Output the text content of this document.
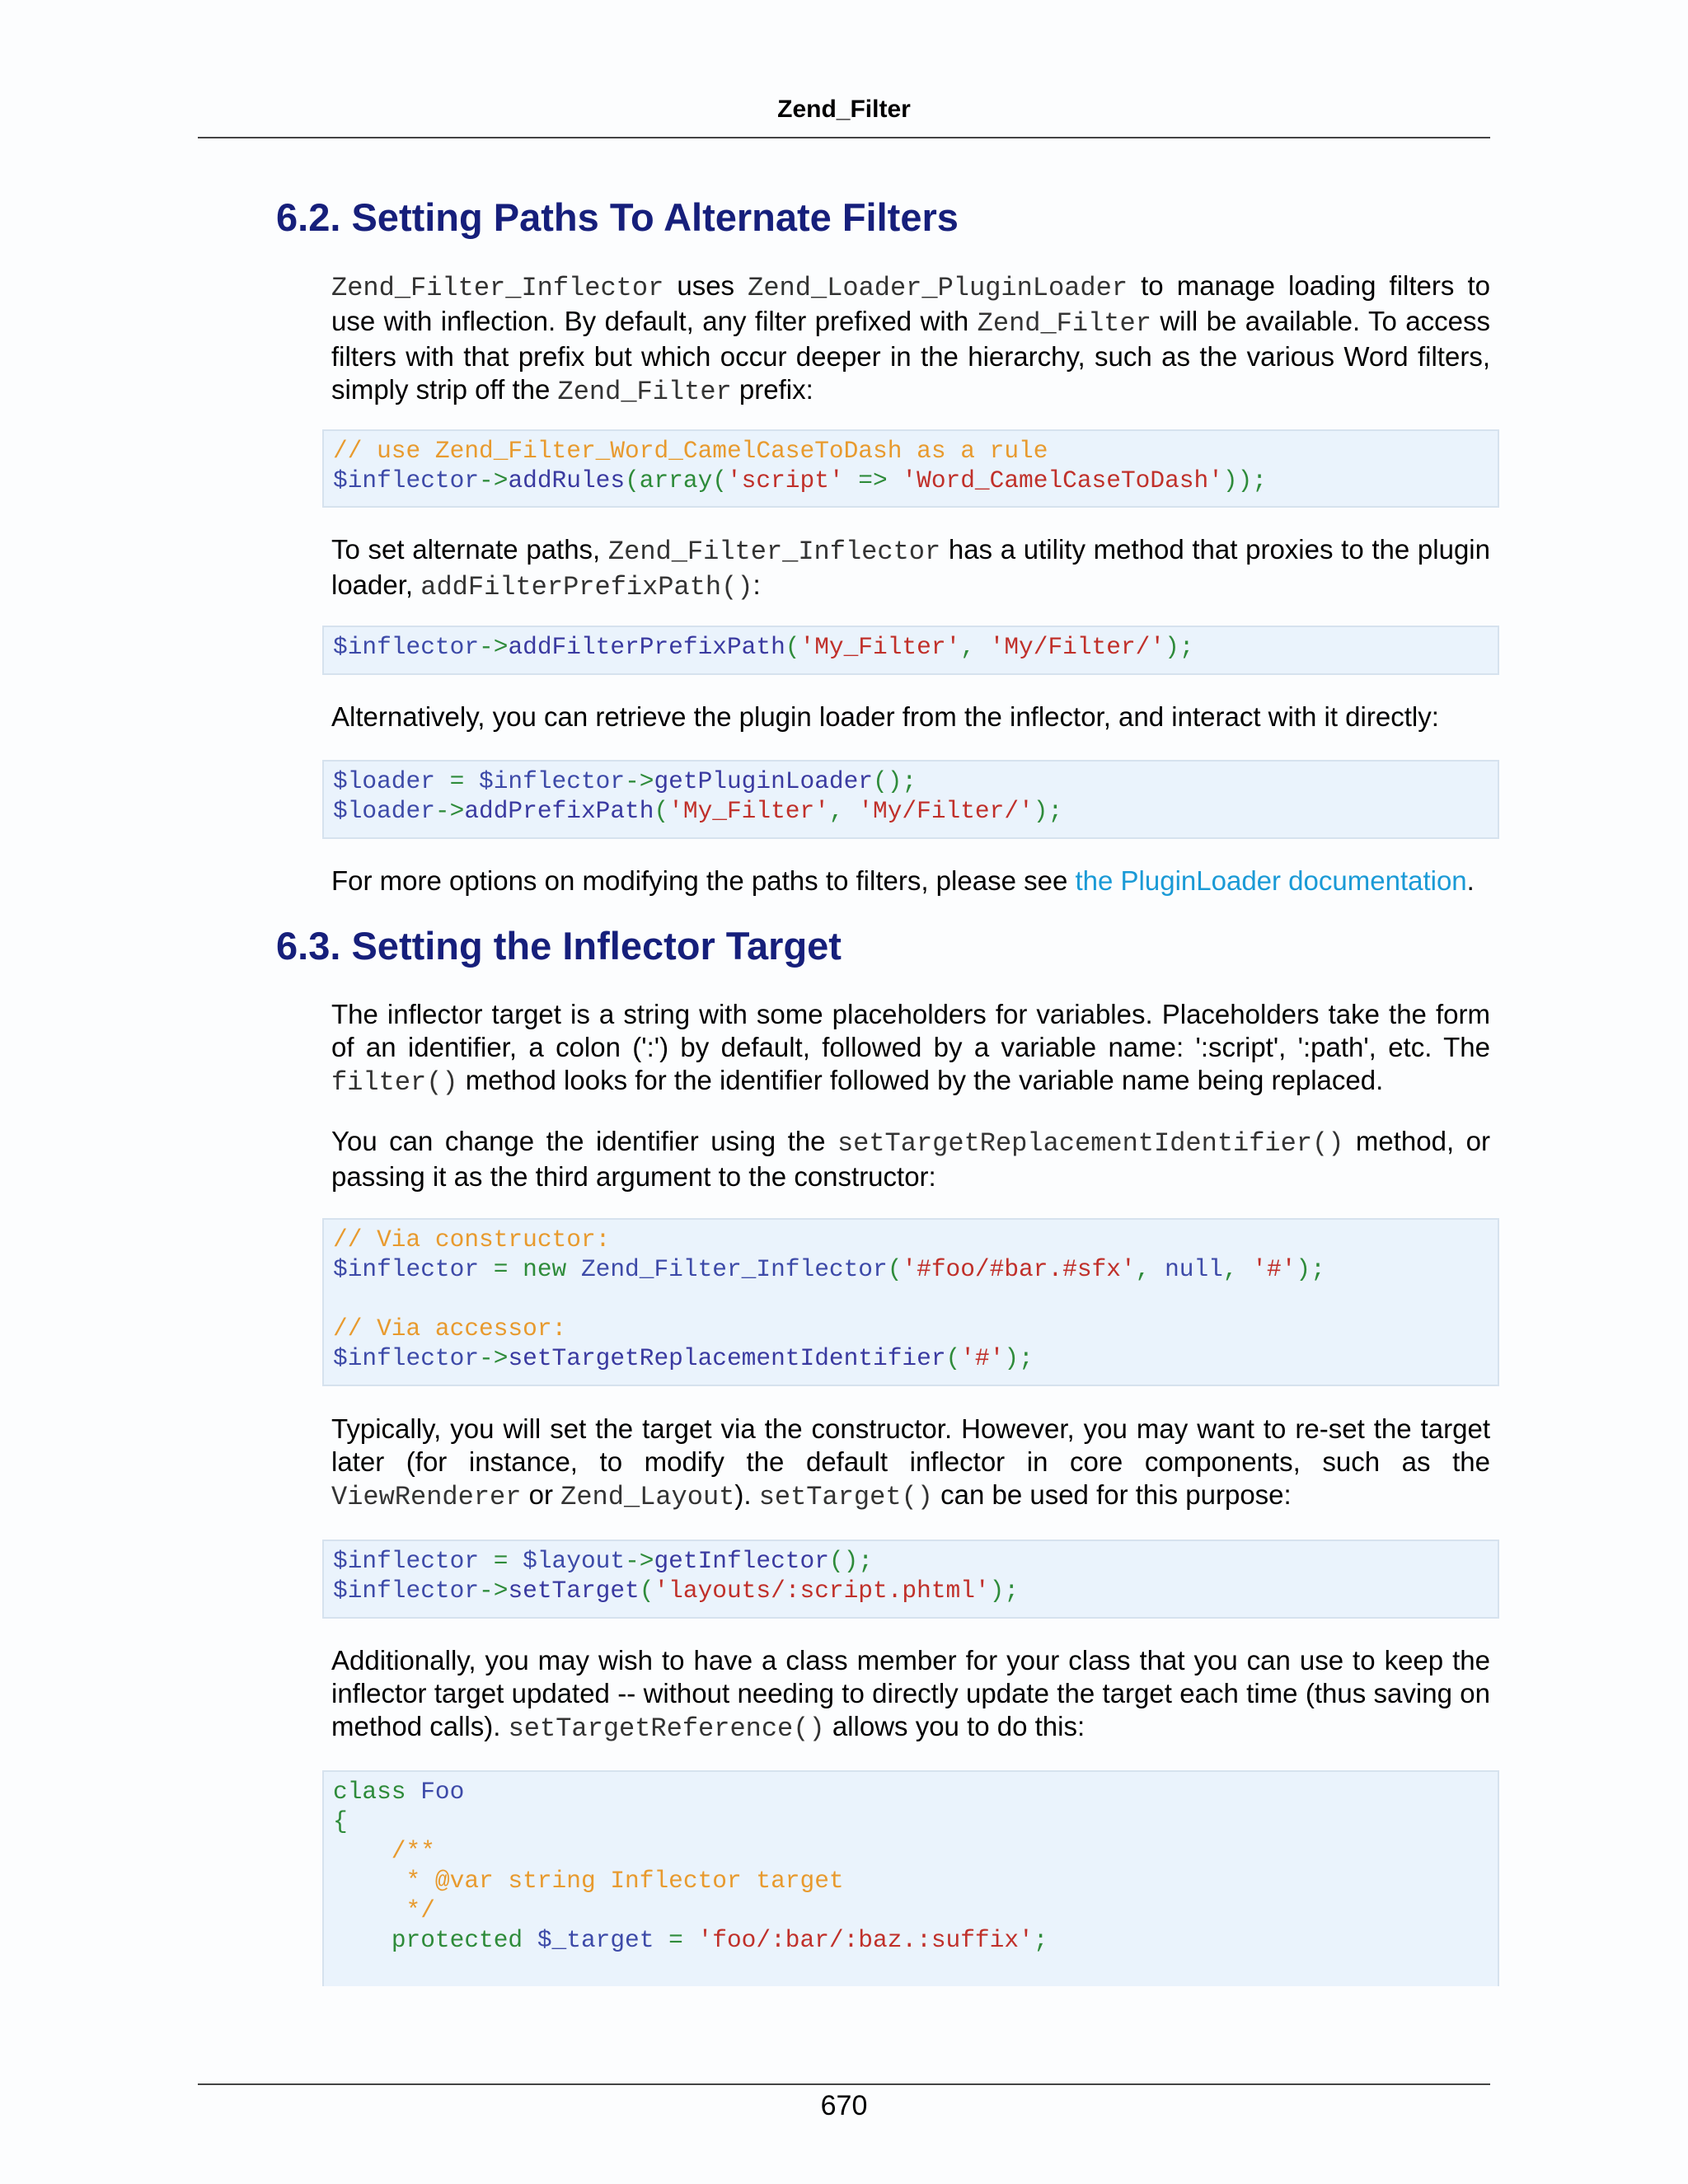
Zend_Filter
6.2. Setting Paths To Alternate Filters

Zend_Filter_Inflector uses Zend_Loader_PluginLoader to manage loading filters to use with inflection. By default, any filter prefixed with Zend_Filter will be available. To access filters with that prefix but which occur deeper in the hierarchy, such as the various Word filters, simply strip off the Zend_Filter prefix:

// use Zend_Filter_Word_CamelCaseToDash as a rule
$inflector->addRules(array('script' => 'Word_CamelCaseToDash'));

To set alternate paths, Zend_Filter_Inflector has a utility method that proxies to the plugin loader, addFilterPrefixPath():

$inflector->addFilterPrefixPath('My_Filter', 'My/Filter/');

Alternatively, you can retrieve the plugin loader from the inflector, and interact with it directly:

$loader = $inflector->getPluginLoader();
$loader->addPrefixPath('My_Filter', 'My/Filter/');

For more options on modifying the paths to filters, please see the PluginLoader documentation.

6.3. Setting the Inflector Target

The inflector target is a string with some placeholders for variables. Placeholders take the form of an identifier, a colon (':') by default, followed by a variable name: ':script', ':path', etc. The filter() method looks for the identifier followed by the variable name being replaced.

You can change the identifier using the setTargetReplacementIdentifier() method, or passing it as the third argument to the constructor:

// Via constructor:
$inflector = new Zend_Filter_Inflector('#foo/#bar.#sfx', null, '#');

// Via accessor:
$inflector->setTargetReplacementIdentifier('#');

Typically, you will set the target via the constructor. However, you may want to re-set the target later (for instance, to modify the default inflector in core components, such as the ViewRenderer or Zend_Layout). setTarget() can be used for this purpose:

$inflector = $layout->getInflector();
$inflector->setTarget('layouts/:script.phtml');

Additionally, you may wish to have a class member for your class that you can use to keep the inflector target updated -- without needing to directly update the target each time (thus saving on method calls). setTargetReference() allows you to do this:

class Foo
{
/**
* @var string Inflector target
*/
protected $_target = 'foo/:bar/:baz.:suffix';
670
